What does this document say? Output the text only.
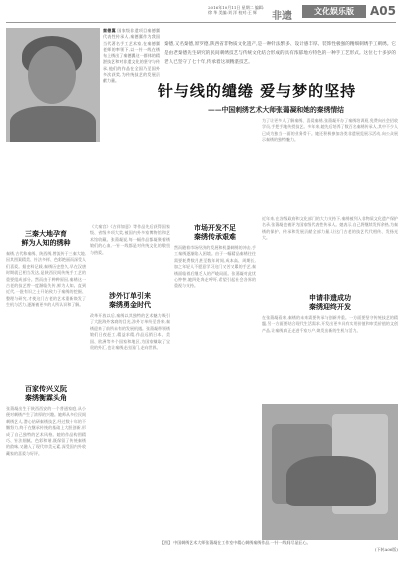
2016年10月11日 星期二 编辑:徐 华 美编:刘 洋 校对:王 辉	非遗	文化娱乐版	A05
秦德翼 国家级非遗项目秦德翼代表性传承人,秦德翼作为我国当代著名手工艺术家,在秦德翼老师的率领下,以一针一线在绣布上绣出了秦德翼这一群体的精湛技艺和对非遗文化的坚守与传承,他们的作品在全国乃至国外多次获奖,为传统技艺的发展贡献力量。
秦德,又名秦德,原罗德,陕西省非物质文化遗产,是一种针法繁多、设计感丰厚、装饰性极强的精细刺绣手工刺绣。它是由老秦德先生研究的民间刺绣技艺与传统文化结合形成的具有浓郁地方特色的一种手工艺形式。这位七十多岁的老人已坚守了七十年,传承着这项精湛技艺。
针与线的缱绻 爱与梦的坚持
——中国刺绣艺术大师张蔼凝和她的秦绣情结
三秦大地孕育
鲜为人知的绣种
秦绣,古代称秦绣、陕西绣,曾流传于三秦大地,因其图案精美、针法多样、色彩艳丽而深受人们喜爱。据史料记载,秦绣历史悠久,早在汉唐时期就已相当发达,是陕西民间传统手工艺的重要组成部分。然而由于种种原因,秦绣这一古老的技艺曾一度濒临失传,鲜为人知。直到近代,一批有识之士开始致力于秦绣的挖掘、整理与研究,才使这门古老的艺术重新焕发了生机与活力,逐渐被更多的人所认识和了解。
百家传兴义阮
秦绣衡霖头角
张蔼凝出生于陕西西安的一个普通家庭,从小便对刺绣产生了浓厚的兴趣。她师从多位民间刺绣艺人,潜心钻研秦绣技艺,经过数十年的不懈努力,终于在继承传统的基础上大胆创新,形成了自己独特的艺术风格。她的作品构图精巧、针法细腻、色彩和谐,既保留了传统秦绣的韵味,又融入了现代审美元素,深受国内外收藏家的喜爱与好评。
《大秦宫》《吉祥如意》等作品先后获得国家级、省级多项大奖,被国内外多家博物馆和艺术馆收藏。张蔼凝说,每一幅作品都凝聚着绣娘们的心血,一针一线都是对传统文化的敬畏与热爱。
涉外订单引来
秦绣勇金时代
改革开放以后,秦绣以其独特的艺术魅力吸引了大批海外客商的目光,涉外订单纷至沓来,秦绣迎来了前所未有的发展机遇。张蔼凝带领绣娘们日夜赶工,精益求精,作品远销日本、美国、欧洲等多个国家和地区,为国家赚取了宝贵的外汇,也让秦绣走出国门,走向世界。
市场开发不足
秦绣传承艰难
然而随着市场经济的发展和机器刺绣的冲击,手工秦绣逐渐陷入困境。由于一幅精品秦绣往往需要耗费数月甚至数年时间,成本高、周期长,加之年轻人不愿意学习这门又苦又累的手艺,秦绣面临着后继乏人的严峻局面。张蔼凝对此忧心忡忡,她四处奔走呼吁,希望引起社会各界的重视与支持。
为了让更多人了解秦绣、喜爱秦绣,张蔼凝开办了秦绣培训班,免费向社会招收学员,手把手地传授技艺。多年来,她先后培养了数百名秦绣传承人,其中不少人已成为独当一面的业务骨干。她还积极参加各类非遗展览展示活动,向公众展示秦绣的独特魅力。
近年来,在各级政府和文化部门的大力支持下,秦绣被列入非物质文化遗产保护名录,张蔼凝也被评为国家级代表性传承人。她表示,自己将继续发挥余热,为秦绣的保护、传承和发展贡献全部力量,让这门古老的技艺代代相传、发扬光大。
申请非遗成功
秦绣迎终开发
在张蔼凝看来,秦绣的未来需要传承与创新并重。一方面要坚守传统技艺的精髓,另一方面要结合现代生活需求,开发出更多具有实用价值和审美价值的文创产品,让秦绣真正走进千家万户,焕发出新的生机与活力。
【图】 中国刺绣艺术大师张蔼凝在工作室中精心刺绣秦绣作品,一针一线间尽显匠心。
(下转A06版)
